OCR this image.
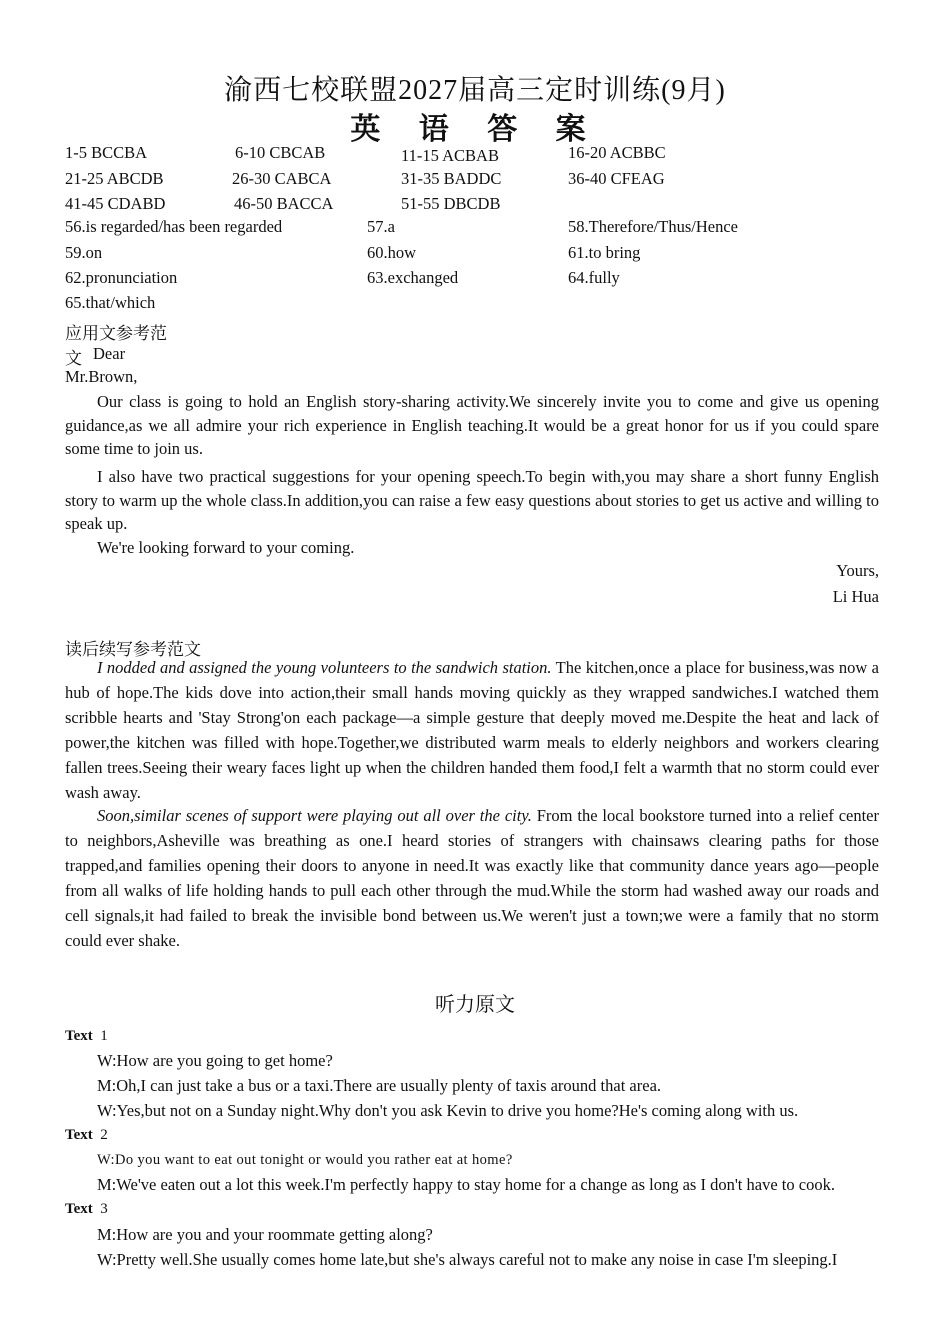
渝西七校联盟2027届高三定时训练(9月)
英 语 答 案
1-5 BCCBA	6-10 CBCAB	11-15 ACBAB	16-20 ACBBC
21-25 ABCDB	26-30 CABCA	31-35 BADDC	36-40 CFEAG
41-45 CDABD	46-50 BACCA	51-55 DBCDB
56.is regarded/has been regarded	57.a	58.Therefore/Thus/Hence
59.on	60.how	61.to bring
62.pronunciation	63.exchanged	64.fully
65.that/which
应用文参考范
文 Dear
Mr.Brown,

Our class is going to hold an English story-sharing activity.We sincerely invite you to come and give us opening guidance,as we all admire your rich experience in English teaching.It would be a great honor for us if you could spare some time to join us.

I also have two practical suggestions for your opening speech.To begin with,you may share a short funny English story to warm up the whole class.In addition,you can raise a few easy questions about stories to get us active and willing to speak up.

We're looking forward to your coming.

Yours,
Li Hua
读后续写参考范文

I nodded and assigned the young volunteers to the sandwich station. The kitchen,once a place for business,was now a hub of hope.The kids dove into action,their small hands moving quickly as they wrapped sandwiches.I watched them scribble hearts and 'Stay Strong'on each package—a simple gesture that deeply moved me.Despite the heat and lack of power,the kitchen was filled with hope.Together,we distributed warm meals to elderly neighbors and workers clearing fallen trees.Seeing their weary faces light up when the children handed them food,I felt a warmth that no storm could ever wash away.

Soon,similar scenes of support were playing out all over the city. From the local bookstore turned into a relief center to neighbors,Asheville was breathing as one.I heard stories of strangers with chainsaws clearing paths for those trapped,and families opening their doors to anyone in need.It was exactly like that community dance years ago—people from all walks of life holding hands to pull each other through the mud.While the storm had washed away our roads and cell signals,it had failed to break the invisible bond between us.We weren't just a town;we were a family that no storm could ever shake.

听力原文
Text 1
W:How are you going to get home?
M:Oh,I can just take a bus or a taxi.There are usually plenty of taxis around that area.
W:Yes,but not on a Sunday night.Why don't you ask Kevin to drive you home?He's coming along with us.
Text 2
W:Do you want to eat out tonight or would you rather eat at home?
M:We've eaten out a lot this week.I'm perfectly happy to stay home for a change as long as I don't have to cook.
Text 3
M:How are you and your roommate getting along?
W:Pretty well.She usually comes home late,but she's always careful not to make any noise in case I'm sleeping.I
